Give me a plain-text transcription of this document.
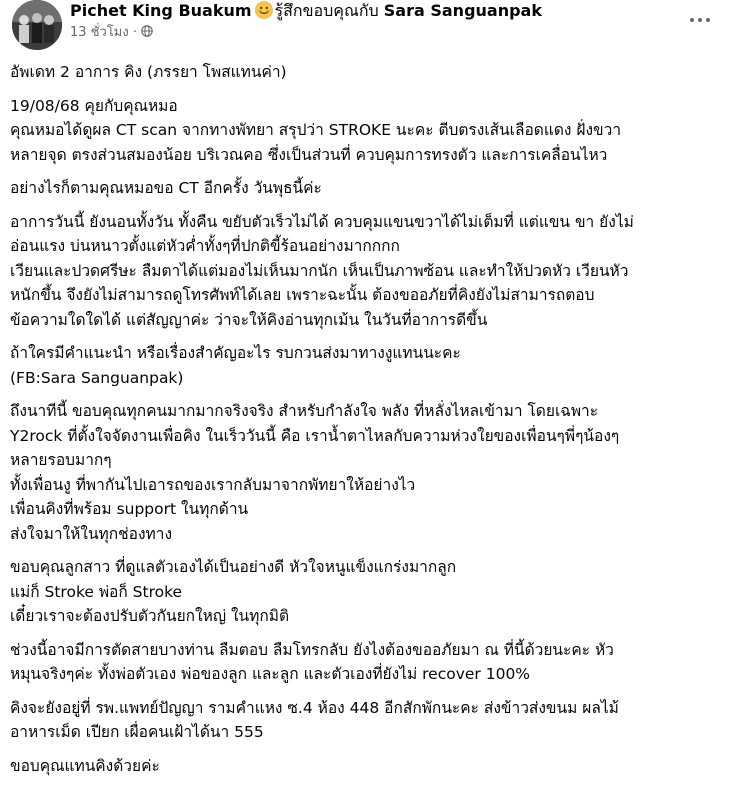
Pichet King Buakum รู้สึกขอบคุณกับ Sara Sanguanpak
13 ชั่วโมง ·
อัพเดท 2 อาการ คิง (ภรรยา โพสแทนค่า)
19/08/68 คุยกับคุณหมอ
คุณหมอได้ดูผล CT scan จากทางพัทยา สรุปว่า STROKE นะคะ ตีบตรงเส้นเลือดแดง ฝั่งขวา
หลายจุด ตรงส่วนสมองน้อย บริเวณคอ ซึ่งเป็นส่วนที่ ควบคุมการทรงตัว และการเคลื่อนไหว
อย่างไรก็ตามคุณหมอขอ CT อีกครั้ง วันพุธนี้ค่ะ
อาการวันนี้ ยังนอนทั้งวัน ทั้งคืน ขยับตัวเร็วไม่ได้ ควบคุมแขนขวาได้ไม่เต็มที่ แต่แขน ขา ยังไม่
อ่อนแรง บ่นหนาวตั้งแต่หัวค่ำทั้งๆที่ปกติขี้ร้อนอย่างมากกกก
เวียนและปวดศรีษะ ลืมตาได้แต่มองไม่เห็นมากนัก เห็นเป็นภาพซ้อน และทำให้ปวดหัว เวียนหัว
หนักขึ้น จึงยังไม่สามารถดูโทรศัพท์ได้เลย เพราะฉะนั้น ต้องขออภัยที่คิงยังไม่สามารถตอบ
ข้อความใดใดได้ แต่สัญญาค่ะ ว่าจะให้คิงอ่านทุกเม้น ในวันที่อาการดีขึ้น
ถ้าใครมีคำแนะนำ หรือเรื่องสำคัญอะไร รบกวนส่งมาทางงูแทนนะคะ
(FB:Sara Sanguanpak)
ถึงนาทีนี้ ขอบคุณทุกคนมากมากจริงจริง สำหรับกำลังใจ พลัง ที่หลั่งไหลเข้ามา โดยเฉพาะ
Y2rock ที่ตั้งใจจัดงานเพื่อคิง ในเร็ววันนี้ คือ เราน้ำตาไหลกับความห่วงใยของเพื่อนๆพี่ๆน้องๆ
หลายรอบมากๆ
ทั้งเพื่อนงู ที่พากันไปเอารถของเรากลับมาจากพัทยาให้อย่างไว
เพื่อนคิงที่พร้อม support ในทุกด้าน
ส่งใจมาให้ในทุกช่องทาง
ขอบคุณลูกสาว ที่ดูแลตัวเองได้เป็นอย่างดี หัวใจหนูแข็งแกร่งมากลูก
แม่ก็ Stroke พ่อก็ Stroke
เดี๋ยวเราจะต้องปรับตัวกันยกใหญ่ ในทุกมิติ
ช่วงนี้อาจมีการตัดสายบางท่าน ลืมตอบ ลืมโทรกลับ ยังไงต้องขออภัยมา ณ ที่นี้ด้วยนะคะ หัว
หมุนจริงๆค่ะ ทั้งพ่อตัวเอง พ่อของลูก และลูก และตัวเองที่ยังไม่ recover 100%
คิงจะยังอยู่ที่ รพ.แพทย์ปัญญา รามคำแหง ซ.4 ห้อง 448 อีกสักพักนะคะ ส่งข้าวส่งขนม ผลไม้
อาหารเม็ด เปียก เผื่อคนเฝ้าได้นา 555
ขอบคุณแทนคิงด้วยค่ะ
